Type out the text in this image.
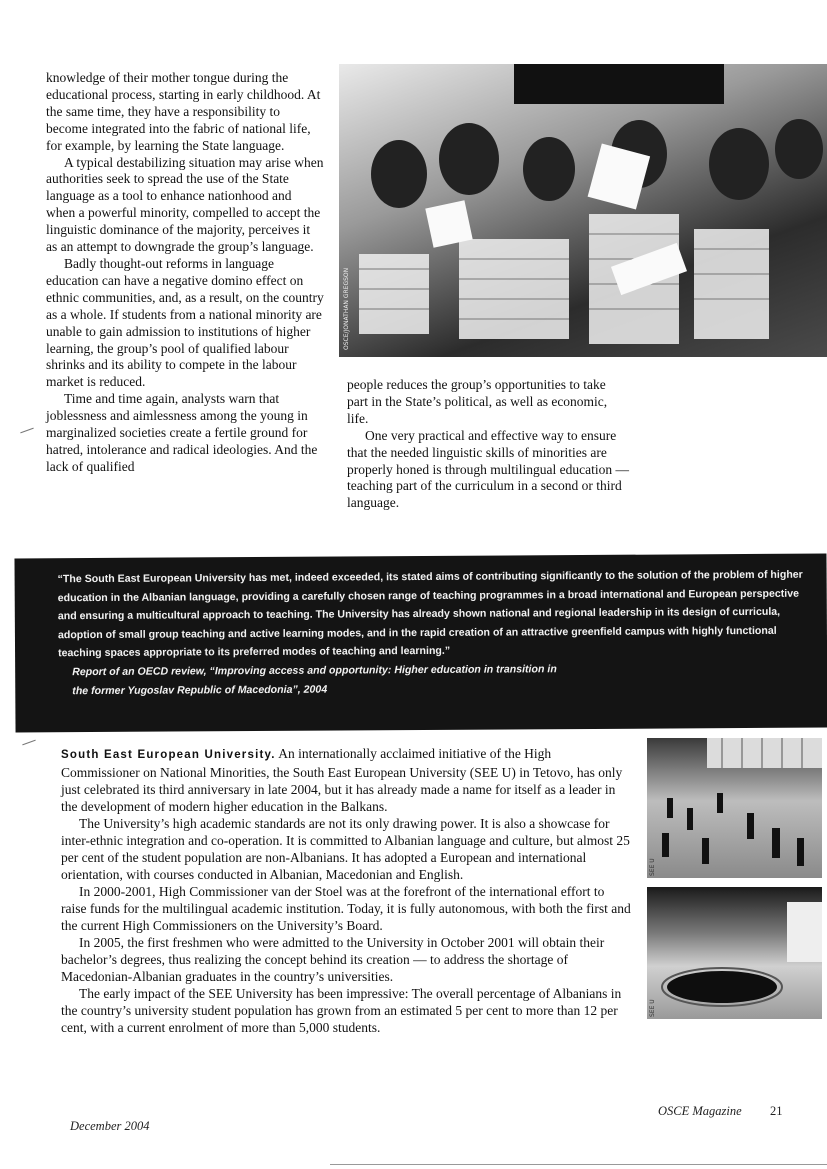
knowledge of their mother tongue during the educational process, starting in early childhood. At the same time, they have a responsibility to become integrated into the fabric of national life, for example, by learning the State language.

A typical destabilizing situation may arise when authorities seek to spread the use of the State language as a tool to enhance nationhood and when a powerful minority, compelled to accept the linguistic dominance of the majority, perceives it as an attempt to downgrade the group’s language.

Badly thought-out reforms in language education can have a negative domino effect on ethnic communities, and, as a result, on the country as a whole. If students from a national minority are unable to gain admission to institutions of higher learning, the group’s pool of qualified labour shrinks and its ability to compete in the labour market is reduced.

Time and time again, analysts warn that joblessness and aimlessness among the young in marginalized societies create a fertile ground for hatred, intolerance and radical ideologies. And the lack of qualified

OSCE/JONATHAN GREGSON

people reduces the group’s opportunities to take part in the State’s political, as well as economic, life.

One very practical and effective way to ensure that the needed linguistic skills of minorities are properly honed is through multilingual education — teaching part of the curriculum in a second or third language.

“The South East European University has met, indeed exceeded, its stated aims of contributing significantly to the solution of the problem of higher education in the Albanian language, providing a carefully chosen range of teaching programmes in a broad international and European perspective and ensuring a multicultural approach to teaching. The University has already shown national and regional leadership in its design of curricula, adoption of small group teaching and active learning modes, and in the rapid creation of an attractive greenfield campus with highly functional teaching spaces appropriate to its preferred modes of teaching and learning.”
Report of an OECD review, “Improving access and opportunity: Higher education in transition in
the former Yugoslav Republic of Macedonia”, 2004

South East European University. An internationally acclaimed initiative of the High Commissioner on National Minorities, the South East European University (SEE U) in Tetovo, has only just celebrated its third anniversary in late 2004, but it has already made a name for itself as a leader in the development of modern higher education in the Balkans.

The University’s high academic standards are not its only drawing power. It is also a showcase for inter-ethnic integration and co-operation. It is committed to Albanian language and culture, but almost 25 per cent of the student population are non-Albanians. It has adopted a European and international orientation, with courses conducted in Albanian, Macedonian and English.

In 2000-2001, High Commissioner van der Stoel was at the forefront of the international effort to raise funds for the multilingual academic institution. Today, it is fully autonomous, with both the first and the current High Commissioners on the University’s Board.

In 2005, the first freshmen who were admitted to the University in October 2001 will obtain their bachelor’s degrees, thus realizing the concept behind its creation — to address the shortage of Macedonian-Albanian graduates in the country’s universities.

The early impact of the SEE University has been impressive: The overall percentage of Albanians in the country’s university student population has grown from an estimated 5 per cent to more than 12 per cent, with a current enrolment of more than 5,000 students.

SEE U
SEE U
December 2004
OSCE Magazine 21
